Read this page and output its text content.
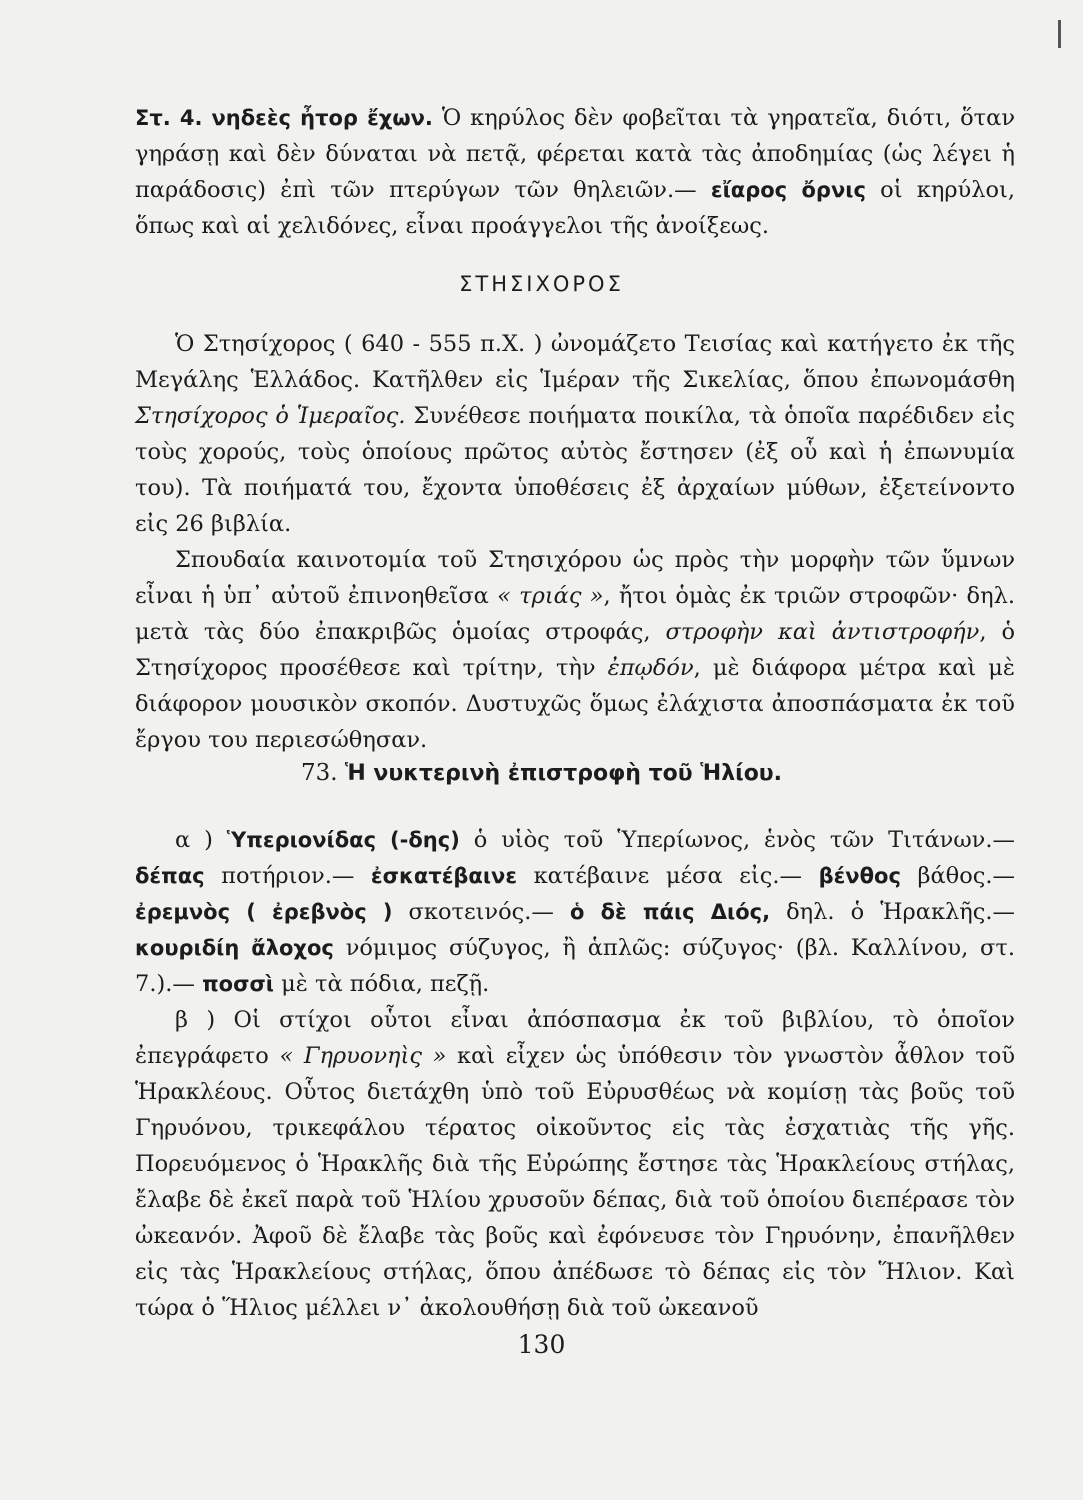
Στ. 4. νηδεὲς ἦτορ ἔχων. Ὁ κηρύλος δὲν φοβεῖται τὰ γηρατεῖα, διότι, ὅταν γηράσῃ καὶ δὲν δύναται νὰ πετᾷ, φέρεται κατὰ τὰς ἀποδημίας (ὡς λέγει ἡ παράδοσις) ἐπὶ τῶν πτερύγων τῶν θηλειῶν.— εἴαρος ὄρνις οἱ κηρύλοι, ὅπως καὶ αἱ χελιδόνες, εἶναι προάγγελοι τῆς ἀνοίξεως.

ΣΤΗΣΙΧΟΡΟΣ

Ὁ Στησίχορος ( 640 - 555 π.Χ. ) ὠνομάζετο Τεισίας καὶ κατήγετο ἐκ τῆς Μεγάλης Ἑλλάδος. Κατῆλθεν εἰς Ἱμέραν τῆς Σικελίας, ὅπου ἐπωνομάσθη Στησίχορος ὁ Ἱμεραῖος. Συνέθεσε ποιήματα ποικίλα, τὰ ὁποῖα παρέδιδεν εἰς τοὺς χορούς, τοὺς ὁποίους πρῶτος αὐτὸς ἔστησεν (ἐξ οὗ καὶ ἡ ἐπωνυμία του). Τὰ ποιήματά του, ἔχοντα ὑποθέσεις ἐξ ἀρχαίων μύθων, ἐξετείνοντο εἰς 26 βιβλία.

Σπουδαία καινοτομία τοῦ Στησιχόρου ὡς πρὸς τὴν μορφὴν τῶν ὕμνων εἶναι ἡ ὑπ᾽ αὐτοῦ ἐπινοηθεῖσα « τριάς », ἤτοι ὁμὰς ἐκ τριῶν στροφῶν· δηλ. μετὰ τὰς δύο ἐπακριβῶς ὁμοίας στροφάς, στροφὴν καὶ ἀντιστροφήν, ὁ Στησίχορος προσέθεσε καὶ τρίτην, τὴν ἐπῳδόν, μὲ διάφορα μέτρα καὶ μὲ διάφορον μουσικὸν σκοπόν. Δυστυχῶς ὅμως ἐλάχιστα ἀποσπάσματα ἐκ τοῦ ἔργου του περιεσώθησαν.

73. Ἡ νυκτερινὴ ἐπιστροφὴ τοῦ Ἡλίου.

α ) Ὑπεριονίδας (-δης) ὁ υἱὸς τοῦ Ὑπερίωνος, ἑνὸς τῶν Τιτάνων.— δέπας ποτήριον.— ἐσκατέβαινε κατέβαινε μέσα εἰς.— βένθος βάθος.— ἐρεμνὸς ( ἐρεβνὸς ) σκοτεινός.— ὁ δὲ πάις Διός, δηλ. ὁ Ἡρακλῆς.— κουριδίη ἄλοχος νόμιμος σύζυγος, ἢ ἁπλῶς: σύζυγος· (βλ. Καλλίνου, στ. 7.).— ποσσὶ μὲ τὰ πόδια, πεζῇ.

β ) Οἱ στίχοι οὗτοι εἶναι ἀπόσπασμα ἐκ τοῦ βιβλίου, τὸ ὁποῖον ἐπεγράφετο « Γηρυονηὶς » καὶ εἶχεν ὡς ὑπόθεσιν τὸν γνωστὸν ἆθλον τοῦ Ἡρακλέους. Οὗτος διετάχθη ὑπὸ τοῦ Εὐρυσθέως νὰ κομίσῃ τὰς βοῦς τοῦ Γηρυόνου, τρικεφάλου τέρατος οἰκοῦντος εἰς τὰς ἐσχατιὰς τῆς γῆς. Πορευόμενος ὁ Ἡρακλῆς διὰ τῆς Εὐρώπης ἔστησε τὰς Ἡρακλείους στήλας, ἔλαβε δὲ ἐκεῖ παρὰ τοῦ Ἡλίου χρυσοῦν δέπας, διὰ τοῦ ὁποίου διεπέρασε τὸν ὠκεανόν. Ἀφοῦ δὲ ἔλαβε τὰς βοῦς καὶ ἐφόνευσε τὸν Γηρυόνην, ἐπανῆλθεν εἰς τὰς Ἡρακλείους στήλας, ὅπου ἀπέδωσε τὸ δέπας εἰς τὸν Ἥλιον. Καὶ τώρα ὁ Ἥλιος μέλλει ν᾽ ἀκολουθήσῃ διὰ τοῦ ὠκεανοῦ

130
